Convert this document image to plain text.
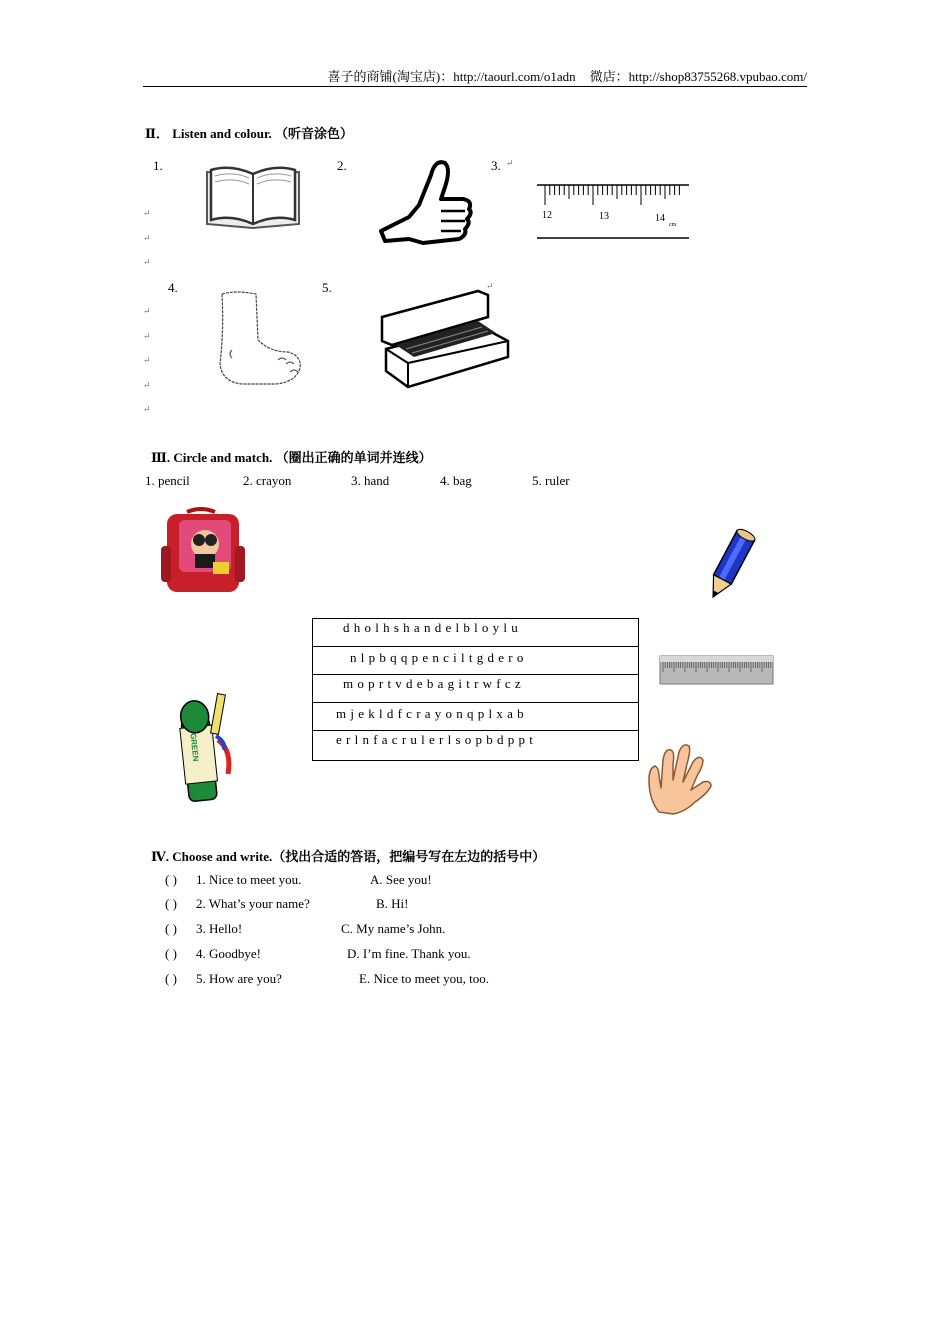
喜子的商铺(淘宝店)：http://taourl.com/o1adn 微店：http://shop83755268.vpubao.com/
Ⅱ． Listen and colour. （听音涂色）
1.	2.	3.
4.	5.
↵
↵
↵
↵
↵
↵
↵
↵
↵
↵
12	13	14
cm
Ⅲ. Circle and match. （圈出正确的单词并连线）
1. pencil	2. crayon	3. hand	4. bag	5. ruler
d h o l h s h a n d e l b l o y l u
n l p b q q p e n c i l t g d e r o
m o p r t v d e b a g i t r w f c z
m j e k l d f c r a y o n q p l x a b
e r l n f a c r u l e r l s o p b d p p t
GREEN
Ⅳ. Choose and write.（找出合适的答语，把编号写在左边的括号中）
( ) 1. Nice to meet you.	A. See you!
( ) 2. What’s your name?	B. Hi!
( ) 3. Hello!	C. My name’s John.
( ) 4. Goodbye!	D. I’m fine. Thank you.
( ) 5. How are you?	E. Nice to meet you, too.
